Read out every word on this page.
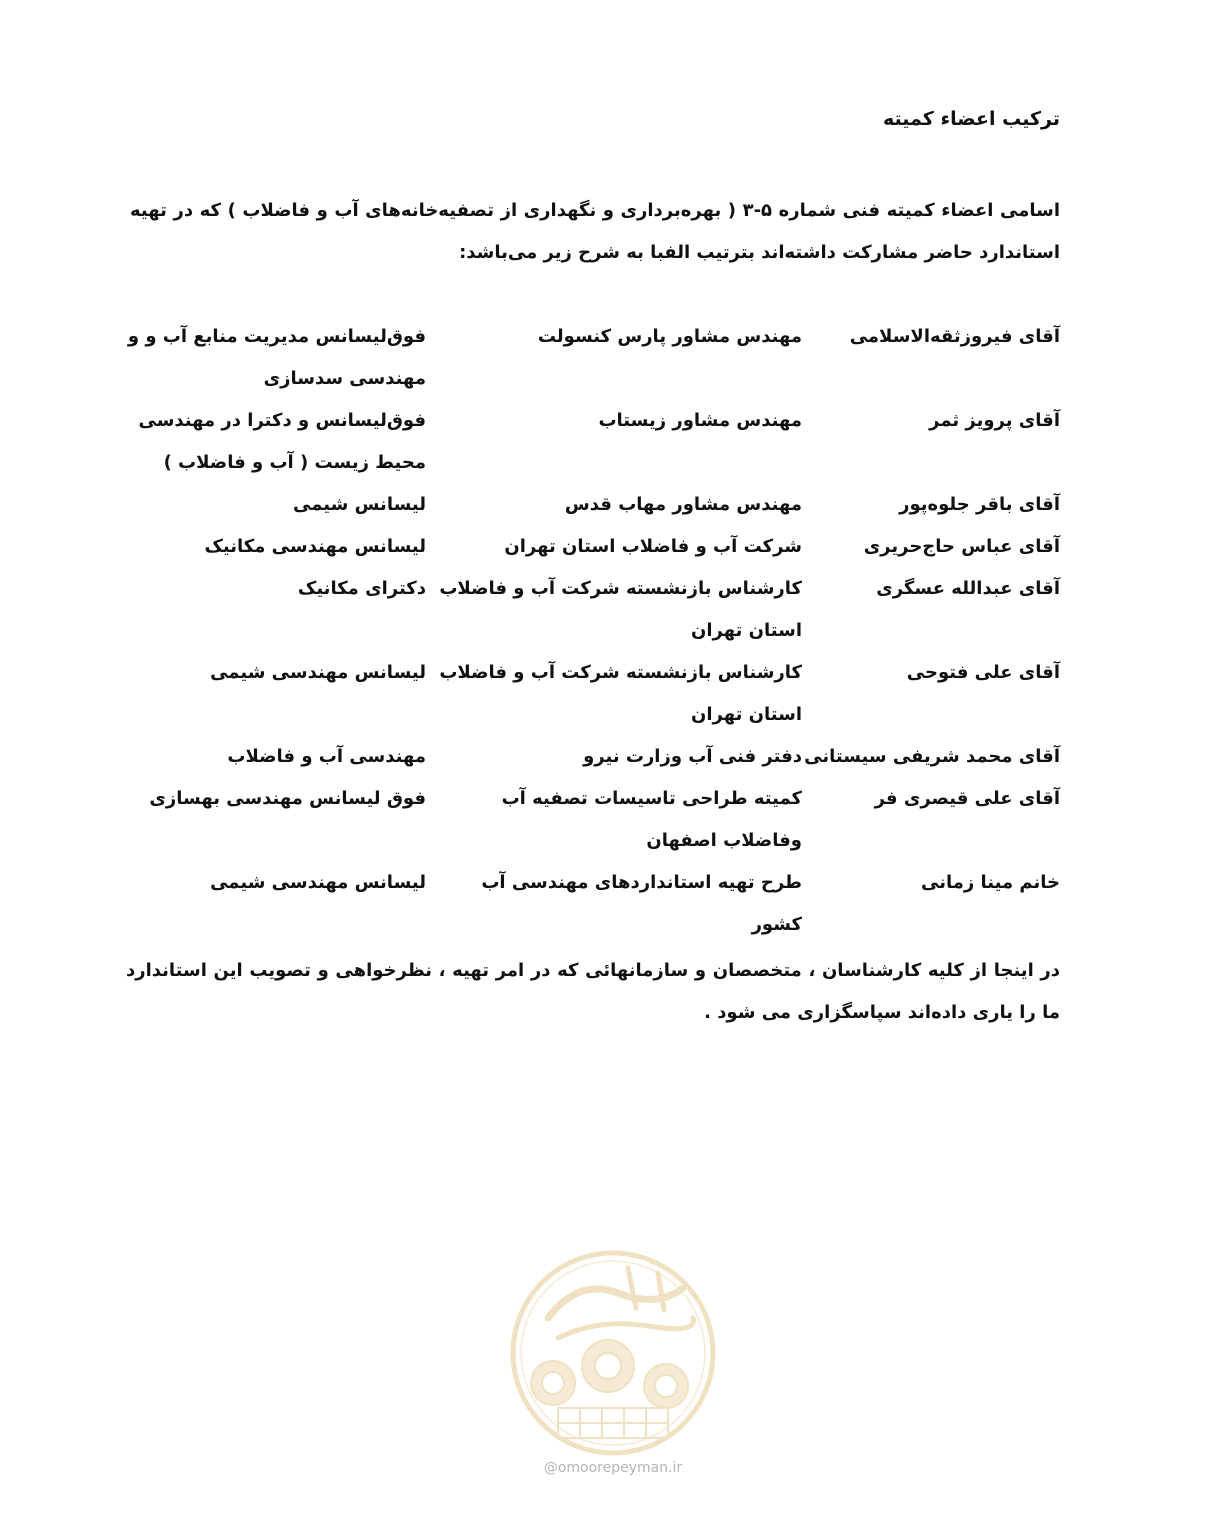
ترکیب اعضاء کمیته
اسامی اعضاء کمیته فنی شماره ۵-۳ ( بهره‌برداری و نگهداری از تصفیه‌خانه‌های آب و فاضلاب ) که در تهیه استاندارد حاضر مشارکت داشته‌اند بترتیب الفبا به شرح زیر می‌باشد:
آقای فیروزثقه‌الاسلامی
مهندس مشاور پارس کنسولت
فوق‌لیسانس مدیریت منابع آب و و مهندسی سدسازی
آقای پرویز ثمر
مهندس مشاور زیستاب
فوق‌لیسانس و دکترا در مهندسی محیط زیست ( آب و فاضلاب )
آقای باقر جلوه‌پور
مهندس مشاور مهاب قدس
لیسانس شیمی
آقای عباس حاج‌حریری
شرکت آب و فاضلاب استان تهران
لیسانس مهندسی مکانیک
آقای عبدالله عسگری
کارشناس بازنشسته شرکت آب و فاضلاب استان تهران
دکترای مکانیک
آقای علی فتوحی
کارشناس بازنشسته شرکت آب و فاضلاب استان تهران
لیسانس مهندسی شیمی
آقای محمد شریفی سیستانی
دفتر فنی آب وزارت نیرو
مهندسی آب و فاضلاب
آقای علی قیصری فر
کمیته طراحی تاسیسات تصفیه آب وفاضلاب اصفهان
فوق لیسانس مهندسی بهسازی
خانم مینا زمانی
طرح تهیه استانداردهای مهندسی آب کشور
لیسانس مهندسی شیمی
در اینجا از کلیه کارشناسان ، متخصصان و سازمانهائی که در امر تهیه ، نظرخواهی و تصویب این استاندارد ما را یاری داده‌اند سپاسگزاری می شود .
@omoorepeyman.ir
